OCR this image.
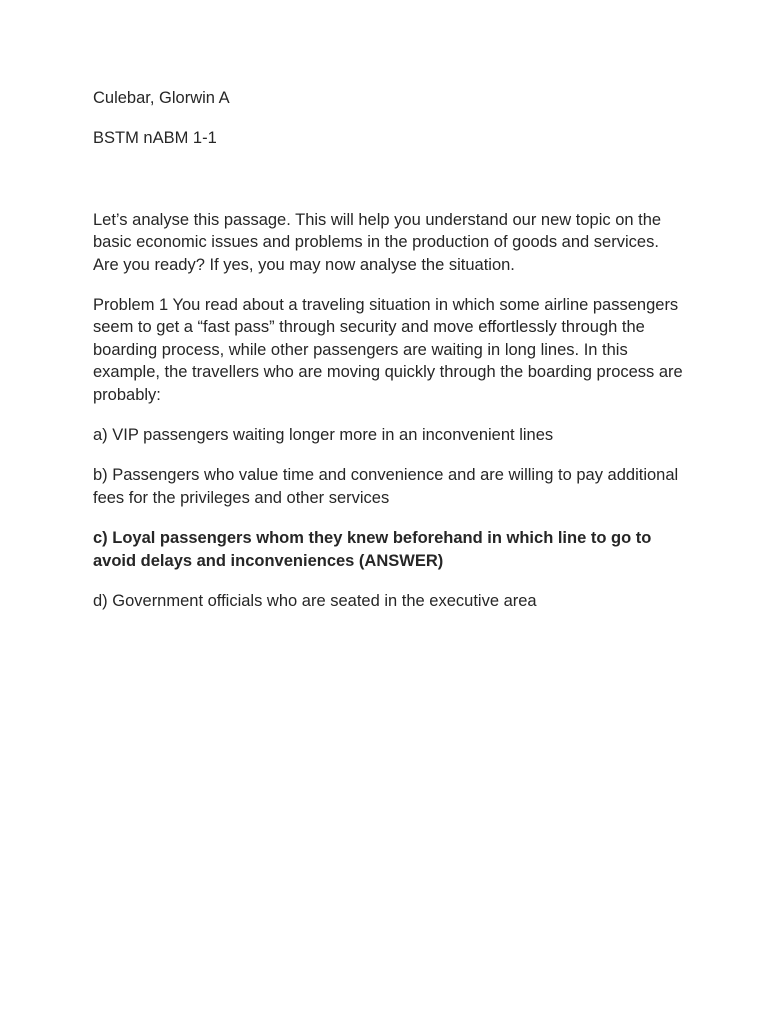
Culebar, Glorwin A

BSTM nABM 1-1

Let’s analyse this passage. This will help you understand our new topic on the basic economic issues and problems in the production of goods and services. Are you ready? If yes, you may now analyse the situation.

Problem 1 You read about a traveling situation in which some airline passengers seem to get a “fast pass” through security and move effortlessly through the boarding process, while other passengers are waiting in long lines. In this example, the travellers who are moving quickly through the boarding process are probably:

a) VIP passengers waiting longer more in an inconvenient lines

b) Passengers who value time and convenience and are willing to pay additional fees for the privileges and other services

c) Loyal passengers whom they knew beforehand in which line to go to avoid delays and inconveniences (ANSWER)

d) Government officials who are seated in the executive area
